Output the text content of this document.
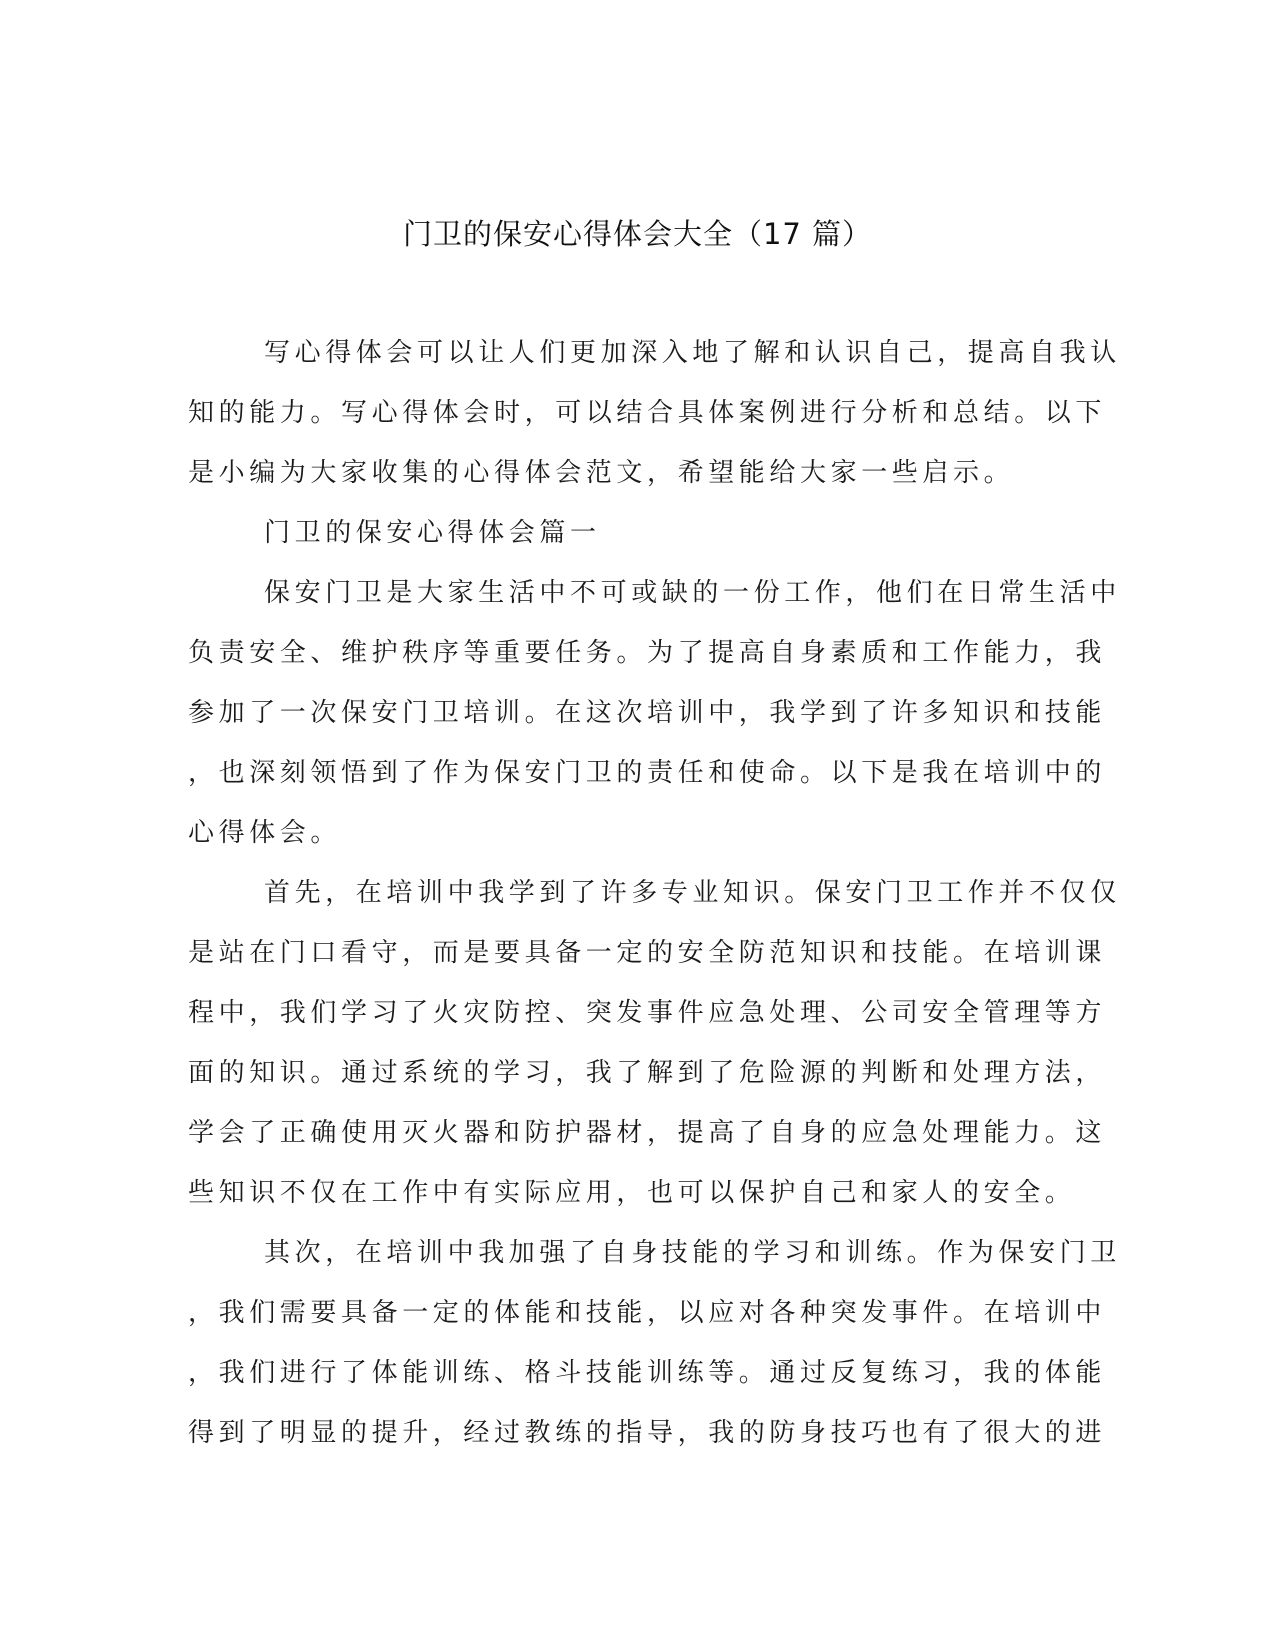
门卫的保安心得体会大全（17 篇）
写心得体会可以让人们更加深入地了解和认识自己，提高自我认
知的能力。写心得体会时，可以结合具体案例进行分析和总结。以下
是小编为大家收集的心得体会范文，希望能给大家一些启示。
门卫的保安心得体会篇一
保安门卫是大家生活中不可或缺的一份工作，他们在日常生活中
负责安全、维护秩序等重要任务。为了提高自身素质和工作能力，我
参加了一次保安门卫培训。在这次培训中，我学到了许多知识和技能
，也深刻领悟到了作为保安门卫的责任和使命。以下是我在培训中的
心得体会。
首先，在培训中我学到了许多专业知识。保安门卫工作并不仅仅
是站在门口看守，而是要具备一定的安全防范知识和技能。在培训课
程中，我们学习了火灾防控、突发事件应急处理、公司安全管理等方
面的知识。通过系统的学习，我了解到了危险源的判断和处理方法，
学会了正确使用灭火器和防护器材，提高了自身的应急处理能力。这
些知识不仅在工作中有实际应用，也可以保护自己和家人的安全。
其次，在培训中我加强了自身技能的学习和训练。作为保安门卫
，我们需要具备一定的体能和技能，以应对各种突发事件。在培训中
，我们进行了体能训练、格斗技能训练等。通过反复练习，我的体能
得到了明显的提升，经过教练的指导，我的防身技巧也有了很大的进
